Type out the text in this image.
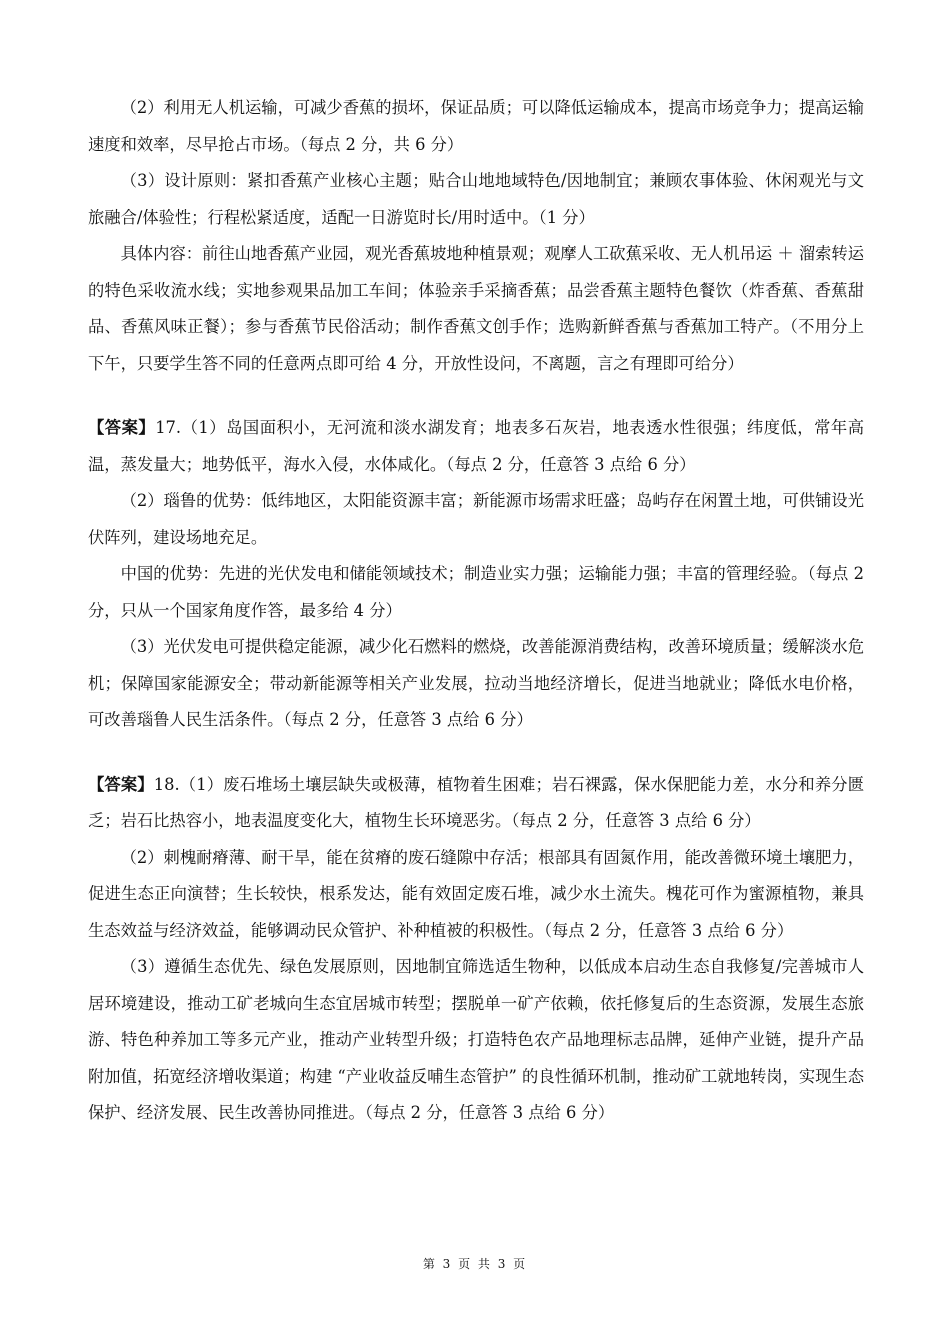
（2）利用无人机运输，可减少香蕉的损坏，保证品质；可以降低运输成本，提高市场竞争力；提高运输速度和效率，尽早抢占市场。（每点 2 分，共 6 分）

（3）设计原则：紧扣香蕉产业核心主题；贴合山地地域特色/因地制宜；兼顾农事体验、休闲观光与文旅融合/体验性；行程松紧适度，适配一日游览时长/用时适中。（1 分）

具体内容：前往山地香蕉产业园，观光香蕉坡地种植景观；观摩人工砍蕉采收、无人机吊运 ＋ 溜索转运的特色采收流水线；实地参观果品加工车间；体验亲手采摘香蕉；品尝香蕉主题特色餐饮（炸香蕉、香蕉甜品、香蕉风味正餐）；参与香蕉节民俗活动；制作香蕉文创手作；选购新鲜香蕉与香蕉加工特产。（不用分上下午，只要学生答不同的任意两点即可给 4 分，开放性设问，不离题，言之有理即可给分）

【答案】17.（1）岛国面积小，无河流和淡水湖发育；地表多石灰岩，地表透水性很强；纬度低，常年高温，蒸发量大；地势低平，海水入侵，水体咸化。（每点 2 分，任意答 3 点给 6 分）

（2）瑙鲁的优势：低纬地区，太阳能资源丰富；新能源市场需求旺盛；岛屿存在闲置土地，可供铺设光伏阵列，建设场地充足。

中国的优势：先进的光伏发电和储能领域技术；制造业实力强；运输能力强；丰富的管理经验。（每点 2 分，只从一个国家角度作答，最多给 4 分）

（3）光伏发电可提供稳定能源，减少化石燃料的燃烧，改善能源消费结构，改善环境质量；缓解淡水危机；保障国家能源安全；带动新能源等相关产业发展，拉动当地经济增长，促进当地就业；降低水电价格，可改善瑙鲁人民生活条件。（每点 2 分，任意答 3 点给 6 分）

【答案】18.（1）废石堆场土壤层缺失或极薄，植物着生困难；岩石裸露，保水保肥能力差，水分和养分匮乏；岩石比热容小，地表温度变化大，植物生长环境恶劣。（每点 2 分，任意答 3 点给 6 分）

（2）刺槐耐瘠薄、耐干旱，能在贫瘠的废石缝隙中存活；根部具有固氮作用，能改善微环境土壤肥力，促进生态正向演替；生长较快，根系发达，能有效固定废石堆，减少水土流失。槐花可作为蜜源植物，兼具生态效益与经济效益，能够调动民众管护、补种植被的积极性。（每点 2 分，任意答 3 点给 6 分）

（3）遵循生态优先、绿色发展原则，因地制宜筛选适生物种，以低成本启动生态自我修复/完善城市人居环境建设，推动工矿老城向生态宜居城市转型；摆脱单一矿产依赖，依托修复后的生态资源，发展生态旅游、特色种养加工等多元产业，推动产业转型升级；打造特色农产品地理标志品牌，延伸产业链，提升产品附加值，拓宽经济增收渠道；构建 “产业收益反哺生态管护” 的良性循环机制，推动矿工就地转岗，实现生态保护、经济发展、民生改善协同推进。（每点 2 分，任意答 3 点给 6 分）

第 3 页 共 3 页
